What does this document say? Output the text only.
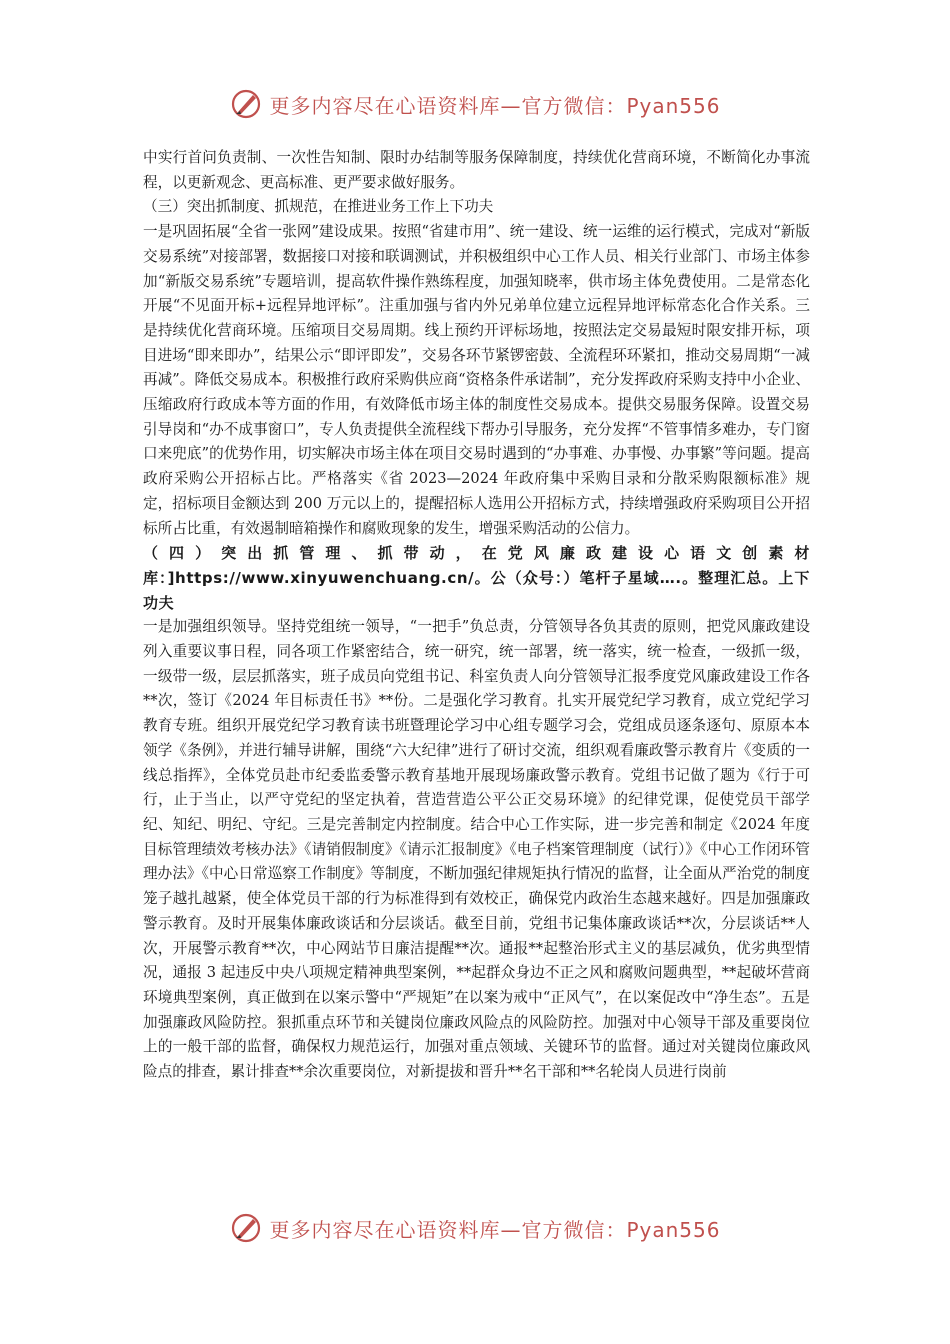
更多内容尽在心语资料库—官方微信：Pyan556

中实行首问负责制、一次性告知制、限时办结制等服务保障制度，持续优化营商环境，不断简化办事流程，以更新观念、更高标准、更严要求做好服务。

（三）突出抓制度、抓规范，在推进业务工作上下功夫

一是巩固拓展“全省一张网”建设成果。按照“省建市用”、统一建设、统一运维的运行模式，完成对“新版交易系统”对接部署，数据接口对接和联调测试，并积极组织中心工作人员、相关行业部门、市场主体参加“新版交易系统”专题培训，提高软件操作熟练程度，加强知晓率，供市场主体免费使用。二是常态化开展“不见面开标+远程异地评标”。注重加强与省内外兄弟单位建立远程异地评标常态化合作关系。三是持续优化营商环境。压缩项目交易周期。线上预约开评标场地，按照法定交易最短时限安排开标，项目进场“即来即办”，结果公示“即评即发”，交易各环节紧锣密鼓、全流程环环紧扣，推动交易周期“一减再减”。降低交易成本。积极推行政府采购供应商“资格条件承诺制”，充分发挥政府采购支持中小企业、压缩政府行政成本等方面的作用，有效降低市场主体的制度性交易成本。提供交易服务保障。设置交易引导岗和“办不成事窗口”，专人负责提供全流程线下帮办引导服务，充分发挥“不管事情多难办，专门窗口来兜底”的优势作用，切实解决市场主体在项目交易时遇到的“办事难、办事慢、办事繁”等问题。提高政府采购公开招标占比。严格落实《省 2023—2024 年政府集中采购目录和分散采购限额标准》规定，招标项目金额达到 200 万元以上的，提醒招标人选用公开招标方式，持续增强政府采购项目公开招标所占比重，有效遏制暗箱操作和腐败现象的发生，增强采购活动的公信力。

（四）突出抓管理、抓带动，在党风廉政建设心语文创素材库：]https://www.xinyuwenchuang.cn/。公（众号：）笔杆子星域….。整理汇总。上下功夫

一是加强组织领导。坚持党组统一领导，“一把手”负总责，分管领导各负其责的原则，把党风廉政建设列入重要议事日程，同各项工作紧密结合，统一研究，统一部署，统一落实，统一检查，一级抓一级，一级带一级，层层抓落实，班子成员向党组书记、科室负责人向分管领导汇报季度党风廉政建设工作各**次，签订《2024 年目标责任书》**份。二是强化学习教育。扎实开展党纪学习教育，成立党纪学习教育专班。组织开展党纪学习教育读书班暨理论学习中心组专题学习会，党组成员逐条逐句、原原本本领学《条例》，并进行辅导讲解，围绕“六大纪律”进行了研讨交流，组织观看廉政警示教育片《变质的一线总指挥》，全体党员赴市纪委监委警示教育基地开展现场廉政警示教育。党组书记做了题为《行于可行，止于当止，以严守党纪的坚定执着，营造营造公平公正交易环境》的纪律党课，促使党员干部学纪、知纪、明纪、守纪。三是完善制定内控制度。结合中心工作实际，进一步完善和制定《2024 年度目标管理绩效考核办法》《请销假制度》《请示汇报制度》《电子档案管理制度（试行）》《中心工作闭环管理办法》《中心日常巡察工作制度》等制度，不断加强纪律规矩执行情况的监督，让全面从严治党的制度笼子越扎越紧，使全体党员干部的行为标准得到有效校正，确保党内政治生态越来越好。四是加强廉政警示教育。及时开展集体廉政谈话和分层谈话。截至目前，党组书记集体廉政谈话**次，分层谈话**人次，开展警示教育**次，中心网站节日廉洁提醒**次。通报**起整治形式主义的基层减负，优劣典型情况，通报 3 起违反中央八项规定精神典型案例，**起群众身边不正之风和腐败问题典型，**起破坏营商环境典型案例，真正做到在以案示警中“严规矩”在以案为戒中“正风气”，在以案促改中“净生态”。五是加强廉政风险防控。狠抓重点环节和关键岗位廉政风险点的风险防控。加强对中心领导干部及重要岗位上的一般干部的监督，确保权力规范运行，加强对重点领域、关键环节的监督。通过对关键岗位廉政风险点的排查，累计排查**余次重要岗位，对新提拔和晋升**名干部和**名轮岗人员进行岗前

更多内容尽在心语资料库—官方微信：Pyan556
